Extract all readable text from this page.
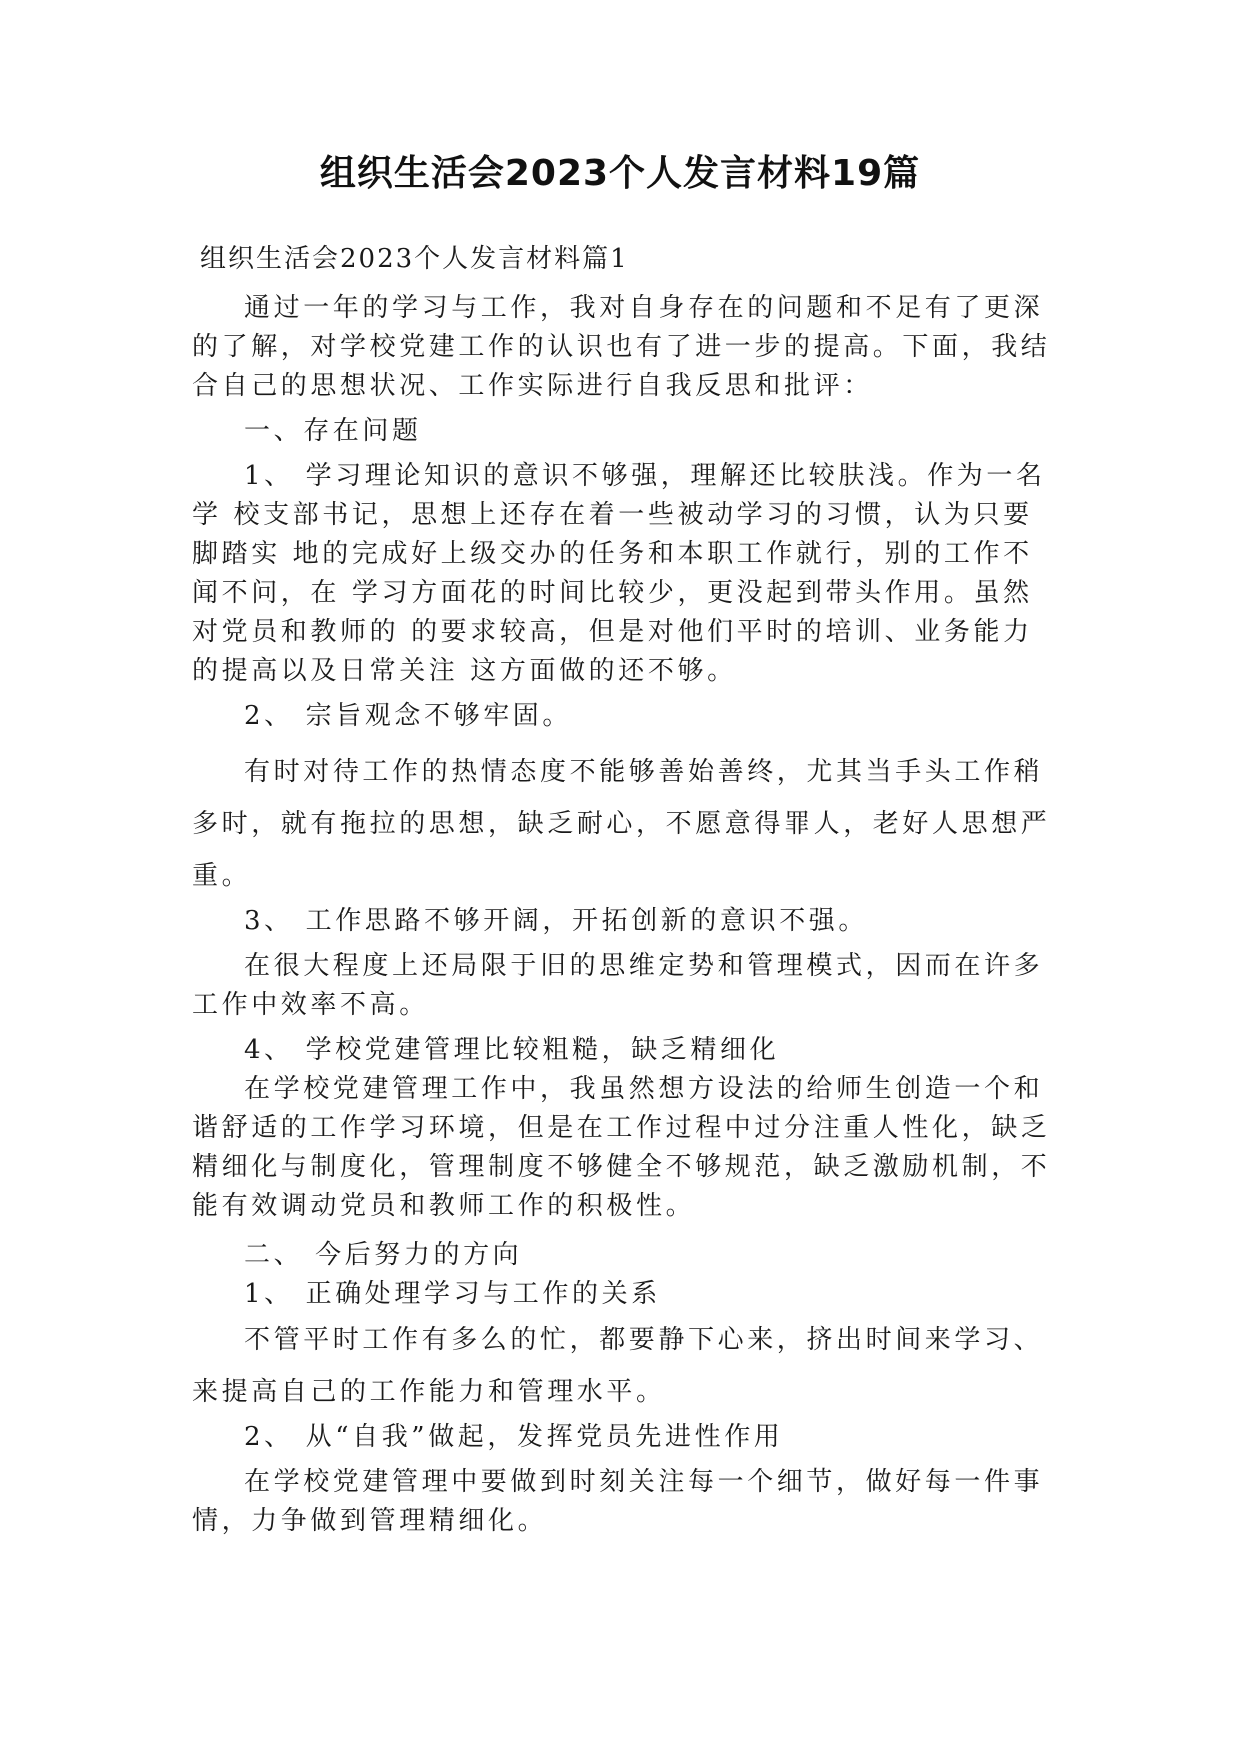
组织生活会2023个人发言材料19篇
组织生活会2023个人发言材料篇1

通过一年的学习与工作，我对自身存在的问题和不足有了更深的了解，对学校党建工作的认识也有了进一步的提高。下面，我结合自己的思想状况、工作实际进行自我反思和批评：

一、存在问题

1、 学习理论知识的意识不够强，理解还比较肤浅。作为一名学 校支部书记，思想上还存在着一些被动学习的习惯，认为只要脚踏实 地的完成好上级交办的任务和本职工作就行，别的工作不闻不问，在 学习方面花的时间比较少，更没起到带头作用。虽然对党员和教师的 的要求较高，但是对他们平时的培训、业务能力的提高以及日常关注 这方面做的还不够。

2、 宗旨观念不够牢固。

有时对待工作的热情态度不能够善始善终，尤其当手头工作稍多时，就有拖拉的思想，缺乏耐心，不愿意得罪人，老好人思想严重。

3、 工作思路不够开阔，开拓创新的意识不强。

在很大程度上还局限于旧的思维定势和管理模式，因而在许多工作中效率不高。

4、 学校党建管理比较粗糙，缺乏精细化

在学校党建管理工作中，我虽然想方设法的给师生创造一个和谐舒适的工作学习环境，但是在工作过程中过分注重人性化，缺乏精细化与制度化，管理制度不够健全不够规范，缺乏激励机制，不能有效调动党员和教师工作的积极性。

二、 今后努力的方向

1、 正确处理学习与工作的关系

不管平时工作有多么的忙，都要静下心来，挤出时间来学习、来提高自己的工作能力和管理水平。

2、 从“自我”做起，发挥党员先进性作用

在学校党建管理中要做到时刻关注每一个细节，做好每一件事情，力争做到管理精细化。
